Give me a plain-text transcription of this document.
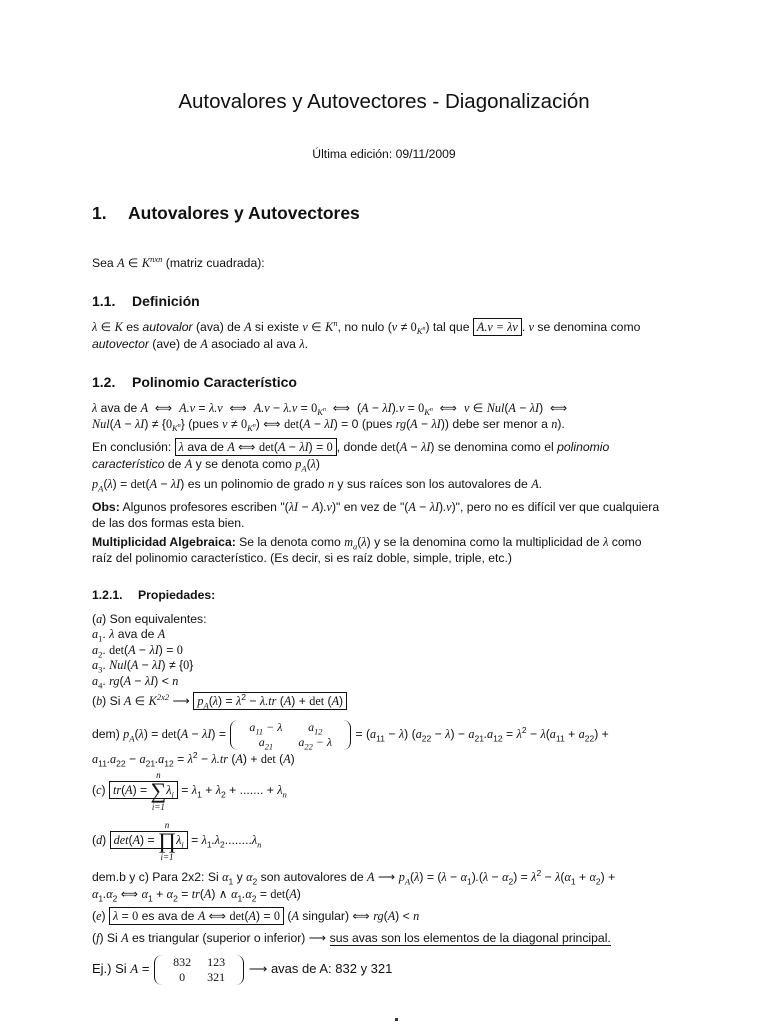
Autovalores y Autovectores - Diagonalización
Última edición: 09/11/2009
1. Autovalores y Autovectores
Sea A ∈ $K^{nxn}$ (matriz cuadrada):
1.1. Definición
λ ∈ K es autovalor (ava) de A si existe v ∈ $K^n$, no nulo $(v \ne 0_{K^n})$ tal que A.v = λv . v se denomina como
autovector (ave) de A asociado al ava λ.
1.2. Polinomio Característico
λ ava de A  ⟺  A.v = λ.v  ⟺  $A.v - \lambda.v = 0_{K^n}$  ⟺  $(A - \lambda I).v = 0_{K^n}$  ⟺  v ∈ Nul(A − λI)  ⟺
$Nul(A - \lambda I) \ne \{0_{K^n}\}$ (pues $v \ne 0_{K^n}$) ⟺ det(A − λI) = 0 (pues rg(A − λI)) debe ser menor a n).
En conclusión: λ ava de A ⟺ det(A − λI) = 0 , donde det(A − λI) se denomina como el polinomio
característico de A y se denota como $p_A(\lambda)$
$p_A(\lambda) = \det(A - \lambda I)$ es un polinomio de grado n y sus raíces son los autovalores de A.
Obs: Algunos profesores escriben "(λI − A).v)" en vez de "(A − λI).v)", pero no es difícil ver que cualquiera
de las dos formas esta bien.
Multiplicidad Algebraica: Se la denota como $m_a(\lambda)$ y se la denomina como la multiplicidad de λ como
raíz del polinomio característico. (Es decir, si es raíz doble, simple, triple, etc.)
1.2.1. Propiedades:
(a) Son equivalentes:
$a_1$. λ ava de A
$a_2$. det(A − λI) = 0
$a_3$. Nul(A − λI) ≠ {0}
$a_4$. rg(A − λI) < n
(b) Si A ∈ $K^{2x2}$ ⟶ $p_A(\lambda) = \lambda^2 - \lambda.tr$ (A) + det (A)
dem) $p_A(\lambda) = \det(A - \lambda I)$ =
$a_{11} - \lambda$	$a_{12}$
$a_{21}$	$a_{22} - \lambda$
= $(a_{11} - \lambda) (a_{22} - \lambda) - a_{21}.a_{12} = \lambda^2 - \lambda(a_{11} + a_{22})$ +
$a_{11}.a_{22} - a_{21}.a_{12} = \lambda^2 - \lambda.tr$ (A) + det (A)
(c) tr(A) =
n
∑
i=1
$\lambda_i = \lambda_1 + \lambda_2$ + ....... + $\lambda_n$
(d) det(A) =
n
∏
i=1
$\lambda_i = \lambda_1.\lambda_2........\lambda_n$
dem.b y c) Para 2x2: Si $\alpha_1$ y $\alpha_2$ son autovalores de A ⟶ $p_A(\lambda) = (\lambda - \alpha_1).(\lambda - \alpha_2) = \lambda^2 - \lambda(\alpha_1 + \alpha_2)$ +
$\alpha_1.\alpha_2$ ⟺ $\alpha_1 + \alpha_2 = tr(A)$ ∧ $\alpha_1.\alpha_2 = \det(A)$
(e) λ = 0 es ava de A ⟺ det(A) = 0 (A singular) ⟺ rg(A) < n
(f) Si A es triangular (superior o inferior) ⟶ sus avas son los elementos de la diagonal principal.
Ej.) Si A = 832	123
0	321
⟶ avas de A: 832 y 321
